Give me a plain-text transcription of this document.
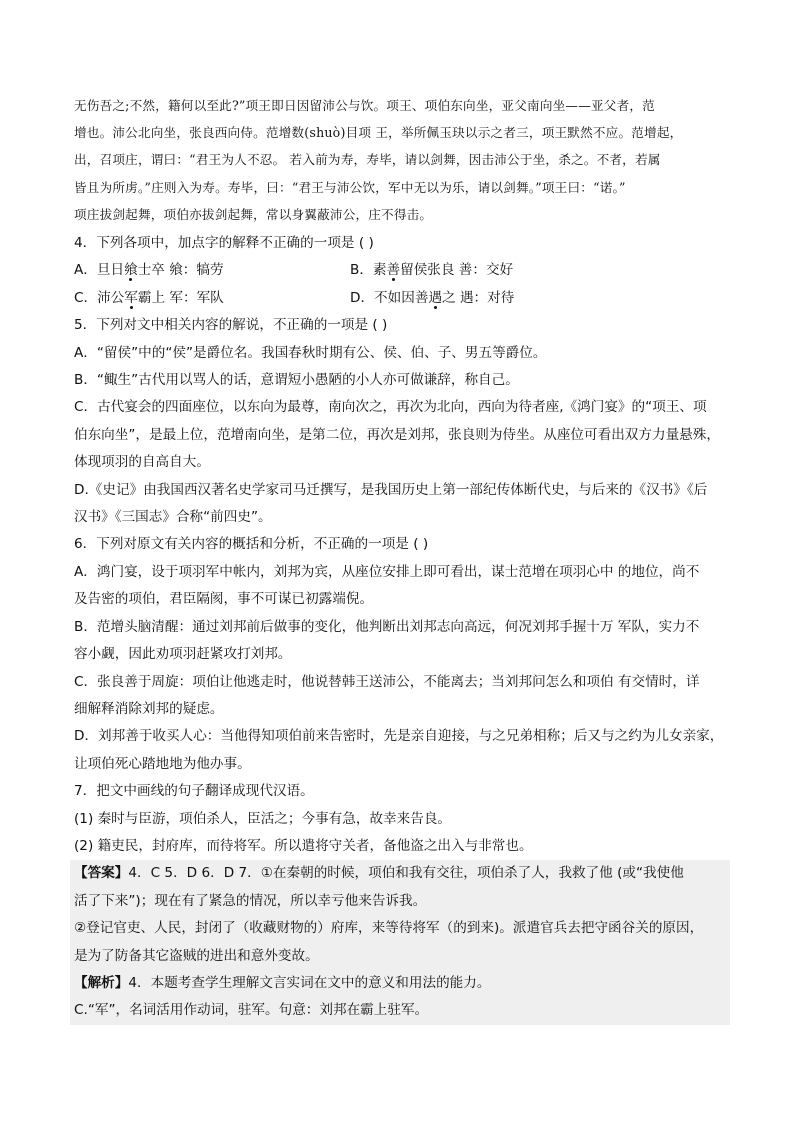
无伤吾之;不然，籍何以至此?”项王即日因留沛公与饮。项王、项伯东向坐，亚父南向坐——亚父者，范
增也。沛公北向坐，张良西向侍。范增数(shuò)目项 王，举所佩玉玦以示之者三，项王默然不应。范增起，
出，召项庄，谓曰：“君王为人不忍。 若入前为寿，寿毕，请以剑舞，因击沛公于坐，杀之。不者，若属
皆且为所虏。”庄则入为寿。寿毕，曰：“君王与沛公饮，军中无以为乐，请以剑舞。”项王曰：“诺。”
项庄拔剑起舞，项伯亦拔剑起舞，常以身翼蔽沛公，庄不得击。
4．下列各项中，加点字的解释不正确的一项是 ( )
A．旦日飨士卒 飨：犒劳	B．素善留侯张良 善：交好
C．沛公军霸上 军：军队	D．不如因善遇之 遇：对待
5．下列对文中相关内容的解说，不正确的一项是 ( )
A．“留侯”中的“侯”是爵位名。我国春秋时期有公、侯、伯、子、男五等爵位。
B．“鲰生”古代用以骂人的话，意谓短小愚陋的小人亦可做谦辞，称自己。
C．古代宴会的四面座位，以东向为最尊，南向次之，再次为北向，西向为待者座,《鸿门宴》的“项王、项
伯东向坐”，是最上位，范增南向坐，是第二位，再次是刘邦，张良则为侍坐。从座位可看出双方力量悬殊，
体现项羽的自高自大。
D.《史记》由我国西汉著名史学家司马迁撰写，是我国历史上第一部纪传体断代史，与后来的《汉书》《后
汉书》《三国志》合称“前四史”。
6．下列对原文有关内容的概括和分析，不正确的一项是 ( )
A．鸿门宴，设于项羽军中帐内，刘邦为宾，从座位安排上即可看出，谋士范增在项羽心中 的地位，尚不
及告密的项伯，君臣隔阂，事不可谋已初露端倪。
B．范增头脑清醒：通过刘邦前后做事的变化，他判断出刘邦志向高远，何况刘邦手握十万 军队，实力不
容小觑，因此劝项羽赶紧攻打刘邦。
C．张良善于周旋：项伯让他逃走时，他说替韩王送沛公，不能离去；当刘邦问怎么和项伯 有交情时，详
细解释消除刘邦的疑虑。
D．刘邦善于收买人心：当他得知项伯前来告密时，先是亲自迎接，与之兄弟相称；后又与之约为儿女亲家，
让项伯死心踏地地为他办事。
7．把文中画线的句子翻译成现代汉语。
(1) 秦时与臣游，项伯杀人，臣活之；今事有急，故幸来告良。
(2) 籍吏民，封府库，而待将军。所以遣将守关者，备他盗之出入与非常也。
【答案】4．C 5．D 6．D 7．①在秦朝的时候，项伯和我有交往，项伯杀了人，我救了他 (或“我使他
活了下来”)；现在有了紧急的情况，所以幸亏他来告诉我。
②登记官吏、人民，封闭了（收藏财物的）府库，来等待将军（的到来)。派遣官兵去把守函谷关的原因，
是为了防备其它盗贼的进出和意外变故。
【解析】4．本题考查学生理解文言实词在文中的意义和用法的能力。
C.“军”，名词活用作动词，驻军。句意：刘邦在霸上驻军。
